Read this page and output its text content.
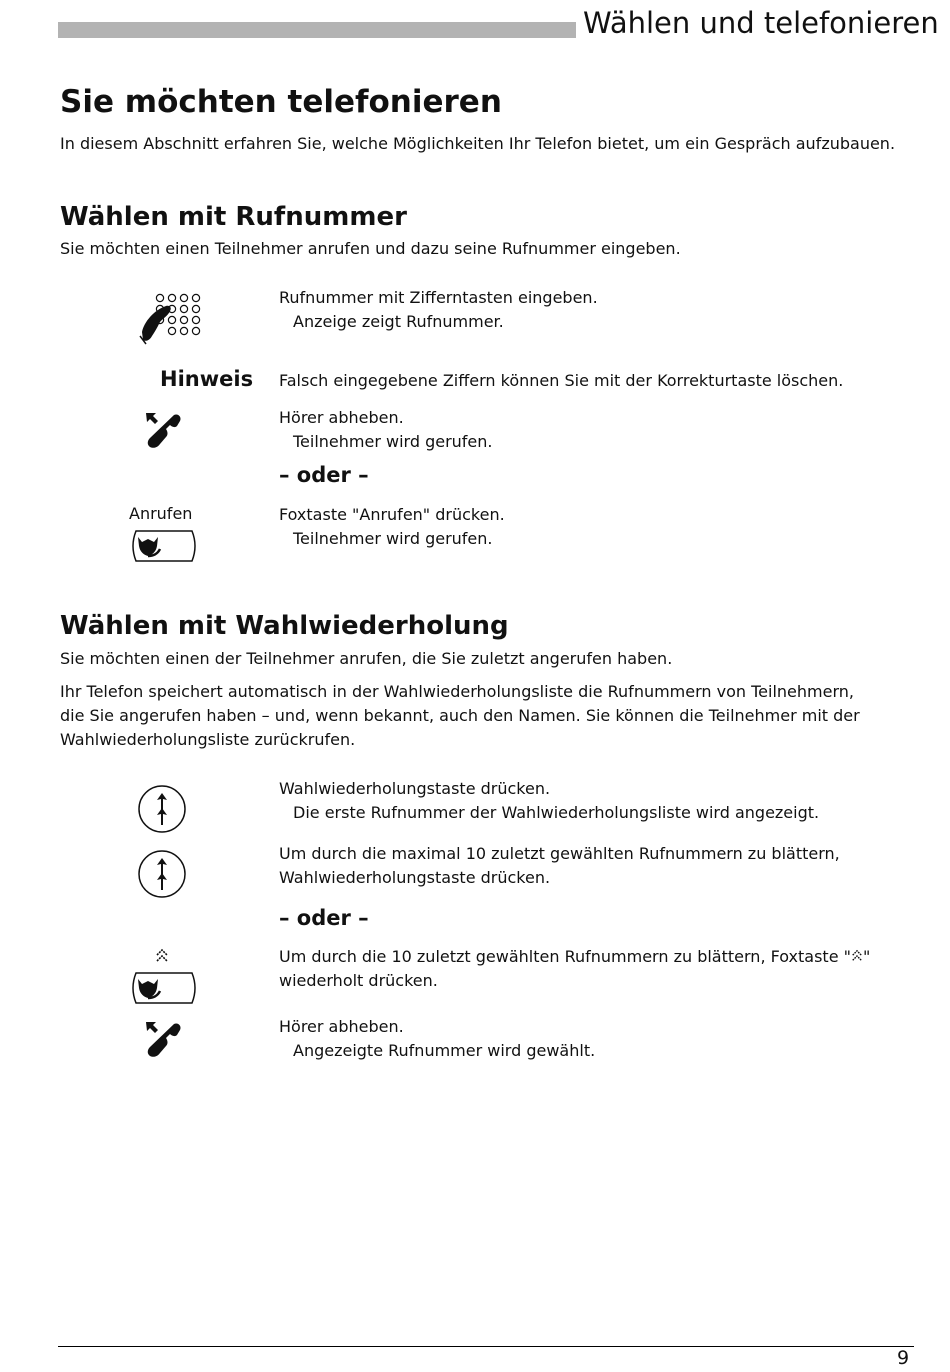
Wählen und telefonieren
Sie möchten telefonieren

In diesem Abschnitt erfahren Sie, welche Möglichkeiten Ihr Telefon bietet, um ein Gespräch aufzubauen.

Wählen mit Rufnummer

Sie möchten einen Teilnehmer anrufen und dazu seine Rufnummer eingeben.

Rufnummer mit Zifferntasten eingeben.
Anzeige zeigt Rufnummer.
Hinweis Falsch eingegebene Ziffern können Sie mit der Korrekturtaste löschen.
Hörer abheben.
Teilnehmer wird gerufen.
– oder –
Anrufen	Foxtaste "Anrufen" drücken.
Teilnehmer wird gerufen.
Wählen mit Wahlwiederholung

Sie möchten einen der Teilnehmer anrufen, die Sie zuletzt angerufen haben.

Ihr Telefon speichert automatisch in der Wahlwiederholungsliste die Rufnummern von Teilnehmern,

die Sie angerufen haben – und, wenn bekannt, auch den Namen. Sie können die Teilnehmer mit der

Wahlwiederholungsliste zurückrufen.

Wahlwiederholungstaste drücken.
Die erste Rufnummer der Wahlwiederholungsliste wird angezeigt.
Um durch die maximal 10 zuletzt gewählten Rufnummern zu blättern,
Wahlwiederholungstaste drücken.
– oder –
Um durch die 10 zuletzt gewählten Rufnummern zu blättern, Foxtaste " "
wiederholt drücken.
Hörer abheben.
Angezeigte Rufnummer wird gewählt.
9
